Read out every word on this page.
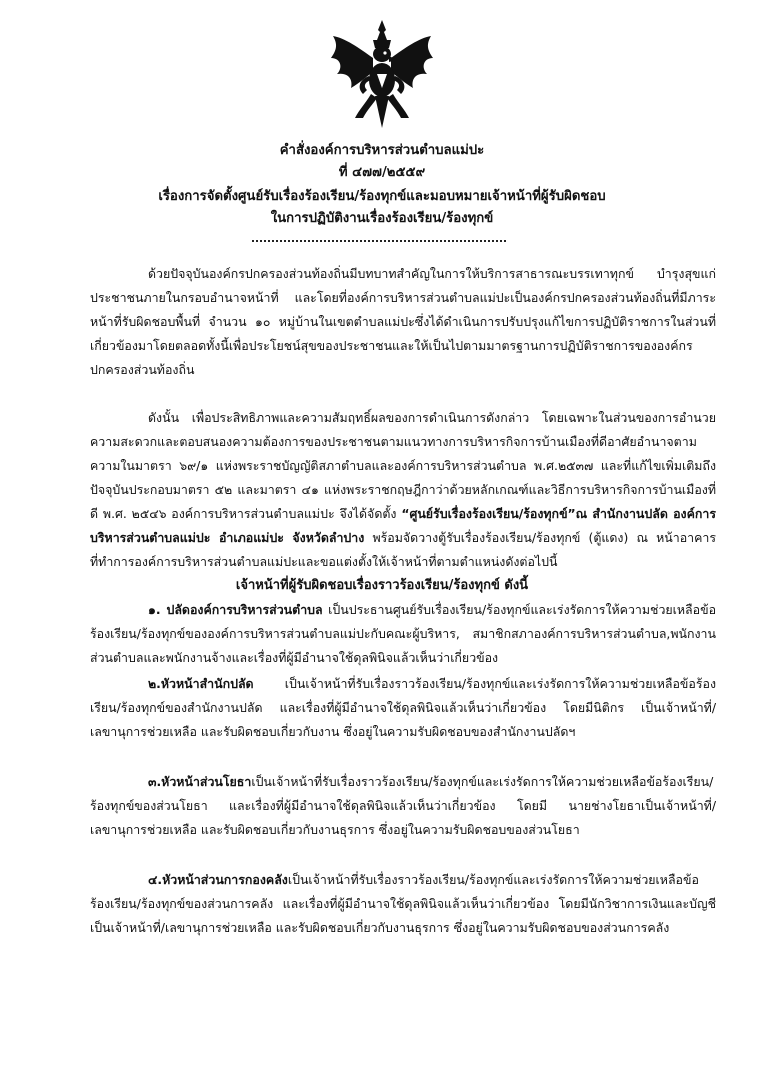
คำสั่งองค์การบริหารส่วนตำบลแม่ปะ
ที่ ๔๗๗/๒๕๕๙
เรื่องการจัดตั้งศูนย์รับเรื่องร้องเรียน/ร้องทุกข์และมอบหมายเจ้าหน้าที่ผู้รับผิดชอบ
ในการปฏิบัติงานเรื่องร้องเรียน/ร้องทุกข์
ด้วยปัจจุบันองค์กรปกครองส่วนท้องถิ่นมีบทบาทสำคัญในการให้บริการสาธารณะบรรเทาทุกข์ บำรุงสุขแก่ประชาชนภายในกรอบอำนาจหน้าที่ และโดยที่องค์การบริหารส่วนตำบลแม่ปะเป็นองค์กรปกครองส่วนท้องถิ่นที่มีภาระหน้าที่รับผิดชอบพื้นที่ จำนวน ๑๐ หมู่บ้านในเขตตำบลแม่ปะซึ่งได้ดำเนินการปรับปรุงแก้ไขการปฏิบัติราชการในส่วนที่เกี่ยวข้องมาโดยตลอดทั้งนี้เพื่อประโยชน์สุขของประชาชนและให้เป็นไปตามมาตรฐานการปฏิบัติราชการขององค์กรปกครองส่วนท้องถิ่น
ดังนั้น เพื่อประสิทธิภาพและความสัมฤทธิ์ผลของการดำเนินการดังกล่าว โดยเฉพาะในส่วนของการอำนวยความสะดวกและตอบสนองความต้องการของประชาชนตามแนวทางการบริหารกิจการบ้านเมืองที่ดีอาศัยอำนาจตามความในมาตรา ๖๙/๑ แห่งพระราชบัญญัติสภาตำบลและองค์การบริหารส่วนตำบล พ.ศ.๒๕๓๗ และที่แก้ไขเพิ่มเติมถึงปัจจุบันประกอบมาตรา ๕๒ และมาตรา ๔๑ แห่งพระราชกฤษฎีกาว่าด้วยหลักเกณฑ์และวิธีการบริหารกิจการบ้านเมืองที่ดี พ.ศ. ๒๕๔๖ องค์การบริหารส่วนตำบลแม่ปะ จึงได้จัดตั้ง “ศูนย์รับเรื่องร้องเรียน/ร้องทุกข์”ณ สำนักงานปลัด องค์การบริหารส่วนตำบลแม่ปะ อำเภอแม่ปะ จังหวัดลำปาง พร้อมจัดวางตู้รับเรื่องร้องเรียน/ร้องทุกข์ (ตู้แดง) ณ หน้าอาคารที่ทำการองค์การบริหารส่วนตำบลแม่ปะและขอแต่งตั้งให้เจ้าหน้าที่ตามตำแหน่งดังต่อไปนี้
เจ้าหน้าที่ผู้รับผิดชอบเรื่องราวร้องเรียน/ร้องทุกข์ ดังนี้
๑. ปลัดองค์การบริหารส่วนตำบล เป็นประธานศูนย์รับเรื่องเรียน/ร้องทุกข์และเร่งรัดการให้ความช่วยเหลือข้อร้องเรียน/ร้องทุกข์ขององค์การบริหารส่วนตำบลแม่ปะกับคณะผู้บริหาร, สมาชิกสภาองค์การบริหารส่วนตำบล,พนักงานส่วนตำบลและพนักงานจ้างและเรื่องที่ผู้มีอำนาจใช้ดุลพินิจแล้วเห็นว่าเกี่ยวข้อง
๒.หัวหน้าสำนักปลัด เป็นเจ้าหน้าที่รับเรื่องราวร้องเรียน/ร้องทุกข์และเร่งรัดการให้ความช่วยเหลือข้อร้องเรียน/ร้องทุกข์ของสำนักงานปลัด และเรื่องที่ผู้มีอำนาจใช้ดุลพินิจแล้วเห็นว่าเกี่ยวข้อง โดยมีนิติกร เป็นเจ้าหน้าที่/เลขานุการช่วยเหลือ และรับผิดชอบเกี่ยวกับงาน ซึ่งอยู่ในความรับผิดชอบของสำนักงานปลัดฯ
๓.หัวหน้าส่วนโยธาเป็นเจ้าหน้าที่รับเรื่องราวร้องเรียน/ร้องทุกข์และเร่งรัดการให้ความช่วยเหลือข้อร้องเรียน/ร้องทุกข์ของส่วนโยธา และเรื่องที่ผู้มีอำนาจใช้ดุลพินิจแล้วเห็นว่าเกี่ยวข้อง โดยมี นายช่างโยธาเป็นเจ้าหน้าที่/เลขานุการช่วยเหลือ และรับผิดชอบเกี่ยวกับงานธุรการ ซึ่งอยู่ในความรับผิดชอบของส่วนโยธา
๔.หัวหน้าส่วนการกองคลังเป็นเจ้าหน้าที่รับเรื่องราวร้องเรียน/ร้องทุกข์และเร่งรัดการให้ความช่วยเหลือข้อร้องเรียน/ร้องทุกข์ของส่วนการคลัง และเรื่องที่ผู้มีอำนาจใช้ดุลพินิจแล้วเห็นว่าเกี่ยวข้อง โดยมีนักวิชาการเงินและบัญชี เป็นเจ้าหน้าที่/เลขานุการช่วยเหลือ และรับผิดชอบเกี่ยวกับงานธุรการ ซึ่งอยู่ในความรับผิดชอบของส่วนการคลัง
